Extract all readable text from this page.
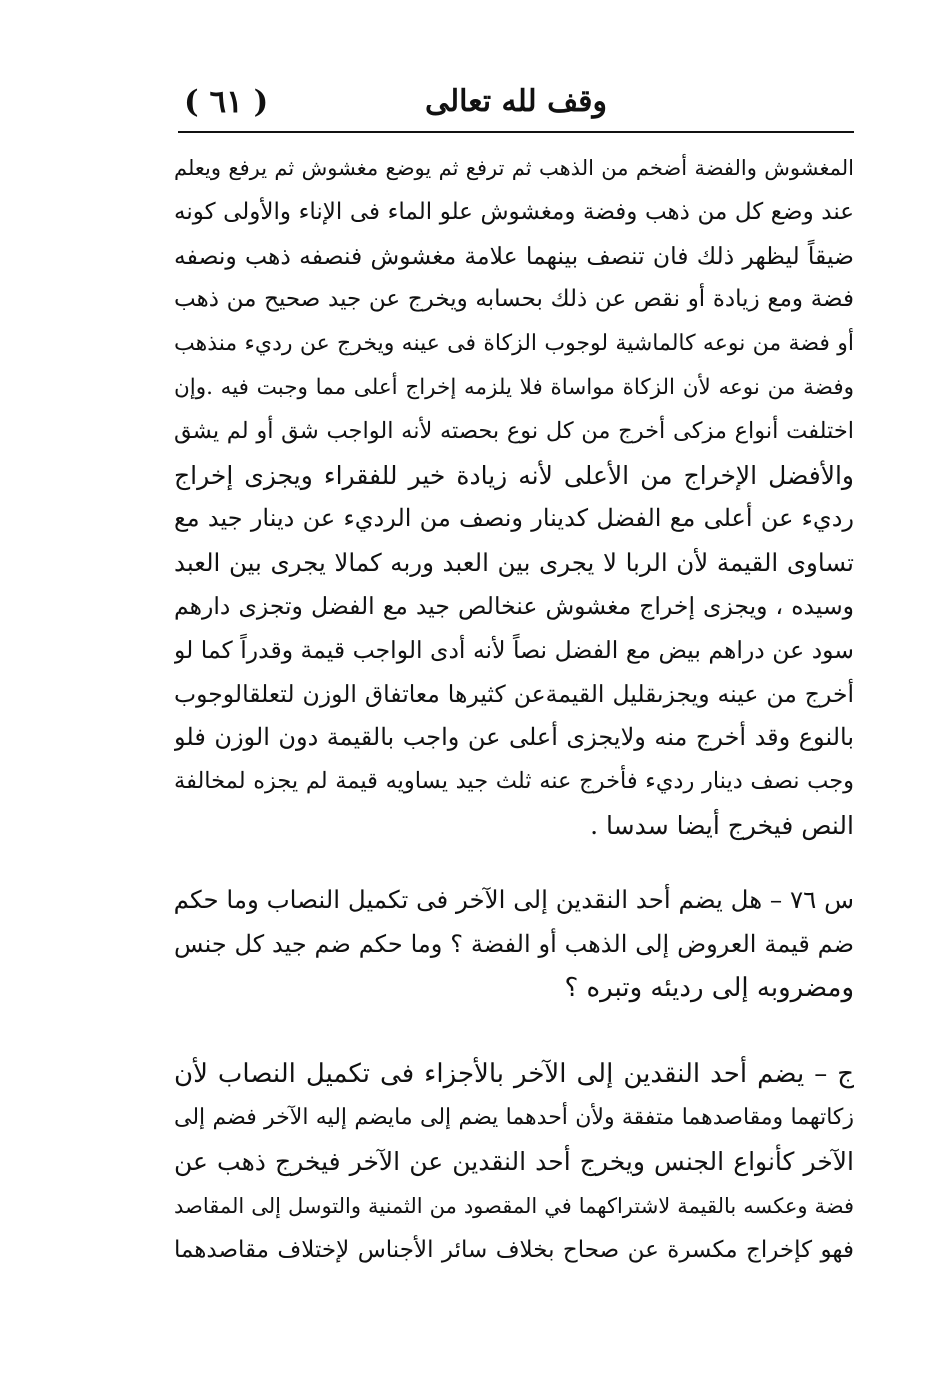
( ٦١ )	وقف لله تعالى
المغشوش والفضة أضخم من الذهب ثم ترفع ثم يوضع مغشوش ثم يرفع ويعلم
عند وضع كل من ذهب وفضة ومغشوش علو الماء فى الإناء والأولى كونه
ضيقاً ليظهر ذلك فان تنصف بينهما علامة مغشوش فنصفه ذهب ونصفه
فضة ومع زيادة أو نقص عن ذلك بحسابه ويخرج عن جيد صحيح من ذهب
أو فضة من نوعه كالماشية لوجوب الزكاة فى عينه ويخرج عن رديء منذهب
وفضة من نوعه لأن الزكاة مواساة فلا يلزمه إخراج أعلى مما وجبت فيه .وإن
اختلفت أنواع مزكى أخرج من كل نوع بحصته لأنه الواجب شق أو لم يشق
والأفضل الإخراج من الأعلى لأنه زيادة خير للفقراء ويجزى إخراج
رديء عن أعلى مع الفضل كدينار ونصف من الرديء عن دينار جيد مع
تساوى القيمة لأن الربا لا يجرى بين العبد وربه كمالا يجرى بين العبد
وسيده ، ويجزى إخراج مغشوش عنخالص جيد مع الفضل وتجزى دارهم
سود عن دراهم بيض مع الفضل نصاً لأنه أدى الواجب قيمة وقدراً كما لو
أخرج من عينه ويجزىقليل القيمةعن كثيرها معاتفاق الوزن لتعلقالوجوب
بالنوع وقد أخرج منه ولايجزى أعلى عن واجب بالقيمة دون الوزن فلو
وجب نصف دينار رديء فأخرج عنه ثلث جيد يساويه قيمة لم يجزه لمخالفة
النص فيخرج أيضا سدسا .
س ٧٦ – هل يضم أحد النقدين إلى الآخر فى تكميل النصاب وما حكم
ضم قيمة العروض إلى الذهب أو الفضة ؟ وما حكم ضم جيد كل جنس
ومضروبه إلى رديئه وتبره ؟
ج – يضم أحد النقدين إلى الآخر بالأجزاء فى تكميل النصاب لأن
زكاتهما ومقاصدهما متفقة ولأن أحدهما يضم إلى مايضم إليه الآخر فضم إلى
الآخر كأنواع الجنس ويخرج أحد النقدين عن الآخر فيخرج ذهب عن
فضة وعكسه بالقيمة لاشتراكهما في المقصود من الثمنية والتوسل إلى المقاصد
فهو كإخراج مكسرة عن صحاح بخلاف سائر الأجناس لإختلاف مقاصدهما
